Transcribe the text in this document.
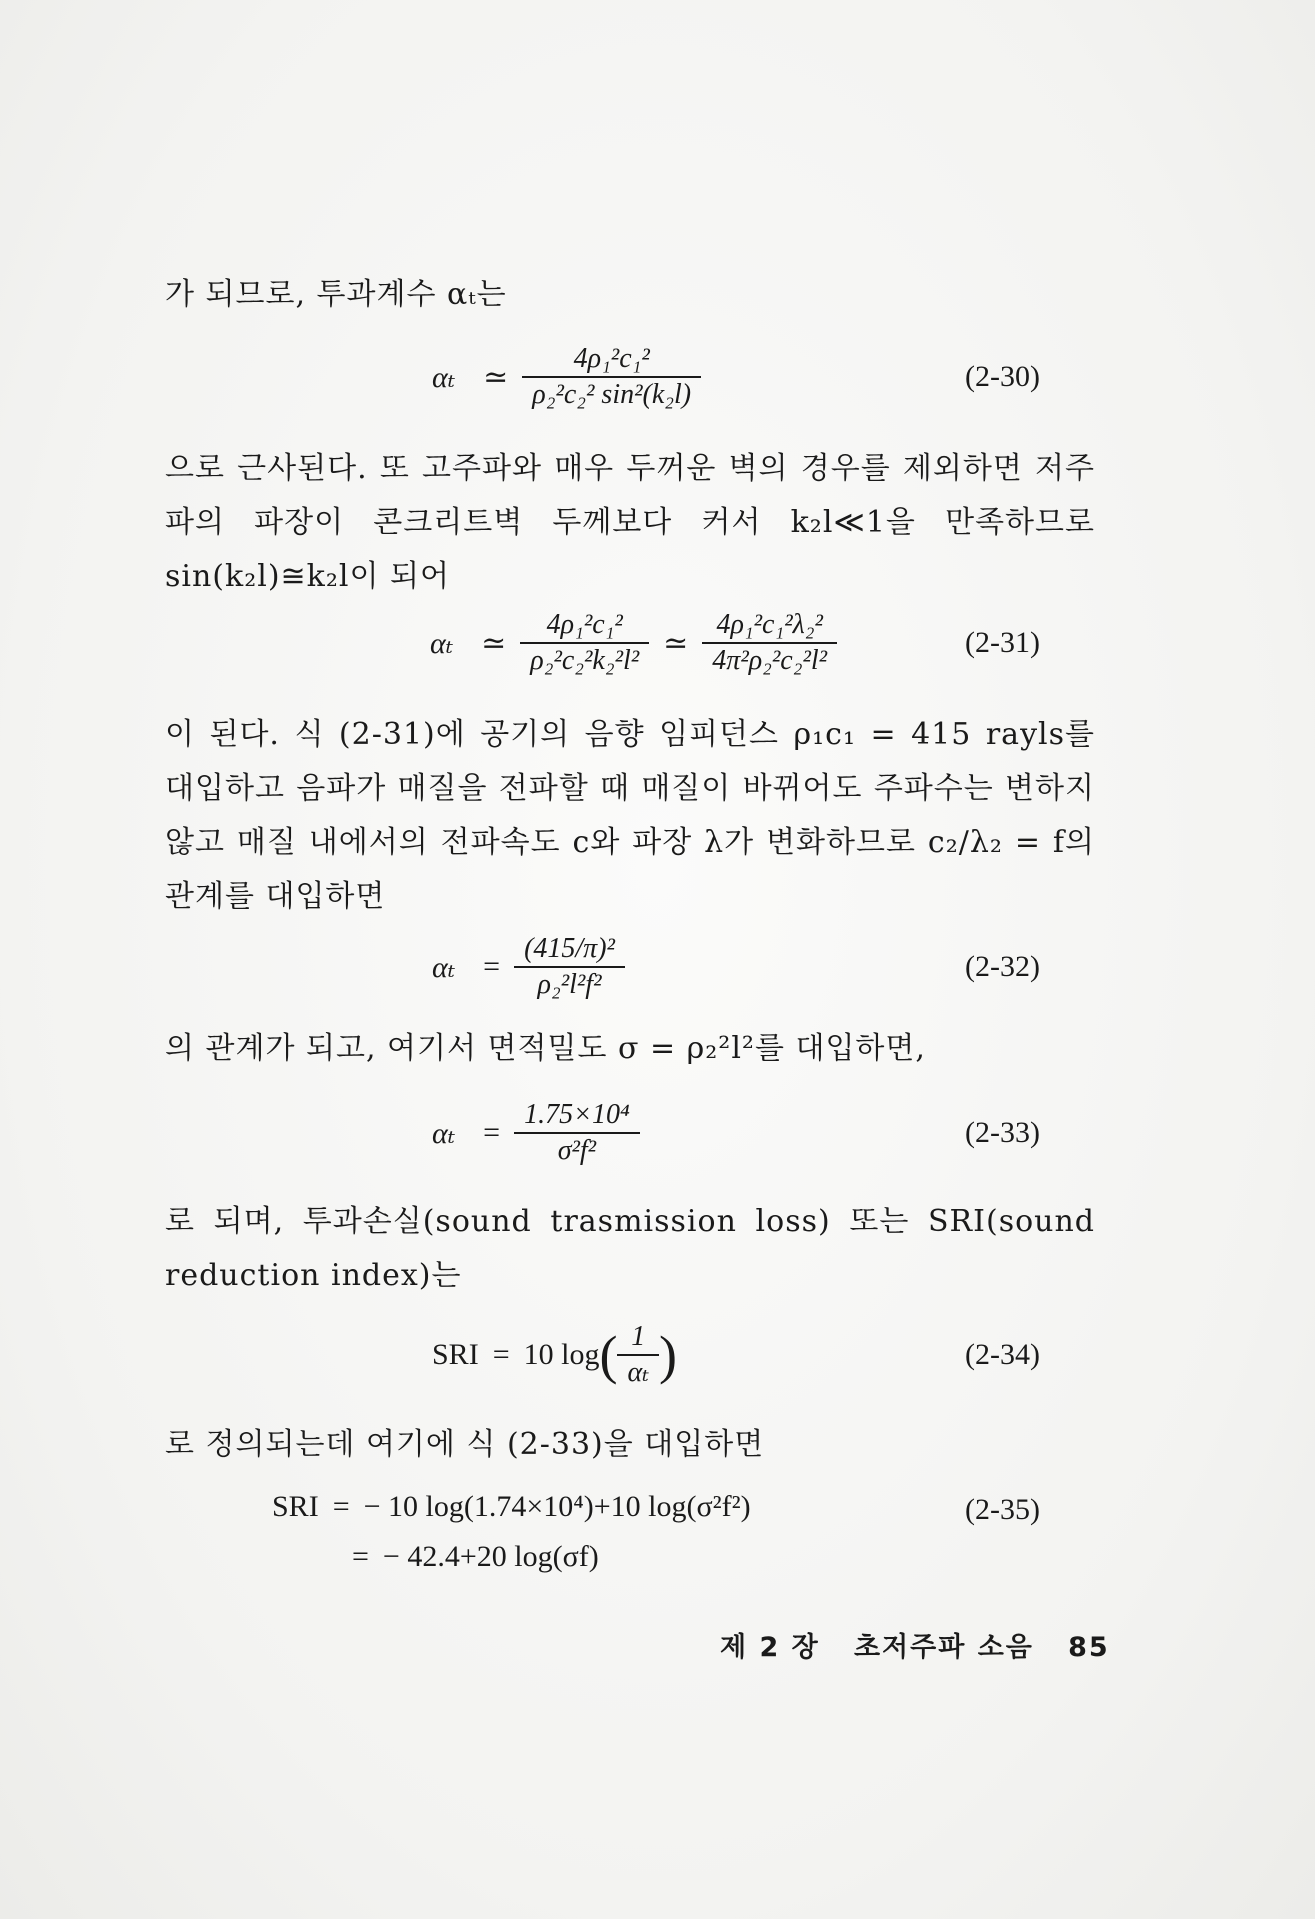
가 되므로, 투과계수 αₜ는
αₜ ≃ $\frac{\text{4ρ₁²c₁²}}{\text{ρ₂²c₂² sin²(k₂l)}}$	(2-30)
으로 근사된다. 또 고주파와 매우 두꺼운 벽의 경우를 제외하면 저주파의 파장이 콘크리트벽 두께보다 커서 k₂l≪1을 만족하므로 sin(k₂l)≅k₂l이 되어
αₜ ≃ $\frac{\text{4ρ₁²c₁²}}{\text{ρ₂²c₂²k₂²l²}}$ ≃ $\frac{\text{4ρ₁²c₁²λ₂²}}{\text{4π²ρ₂²c₂²l²}}$	(2-31)
이 된다. 식 (2-31)에 공기의 음향 임피던스 ρ₁c₁ = 415 rayls를 대입하고 음파가 매질을 전파할 때 매질이 바뀌어도 주파수는 변하지 않고 매질 내에서의 전파속도 c와 파장 λ가 변화하므로 c₂/λ₂ = f의 관계를 대입하면
$\alpha_t = \frac{\text{(415/π)²}}{\text{ρ₂²l²f²}}$	(2-32)
의 관계가 되고, 여기서 면적밀도 σ = ρ₂²l²를 대입하면,
$\alpha_t = \frac{\text{1.75×10⁴}}{\text{σ²f²}}$	(2-33)
로 되며, 투과손실(sound trasmission loss) 또는 SRI(sound reduction index)는
SRI = 10 log ( $\frac{1}{\text{αₜ}}$ )	(2-34)
로 정의되는데 여기에 식 (2-33)을 대입하면
SRI = − 10 log(1.74×10⁴)+10 log(σ²f²)
= − 42.4+20 log(σf)
(2-35)
제 2 장 초저주파 소음 85
